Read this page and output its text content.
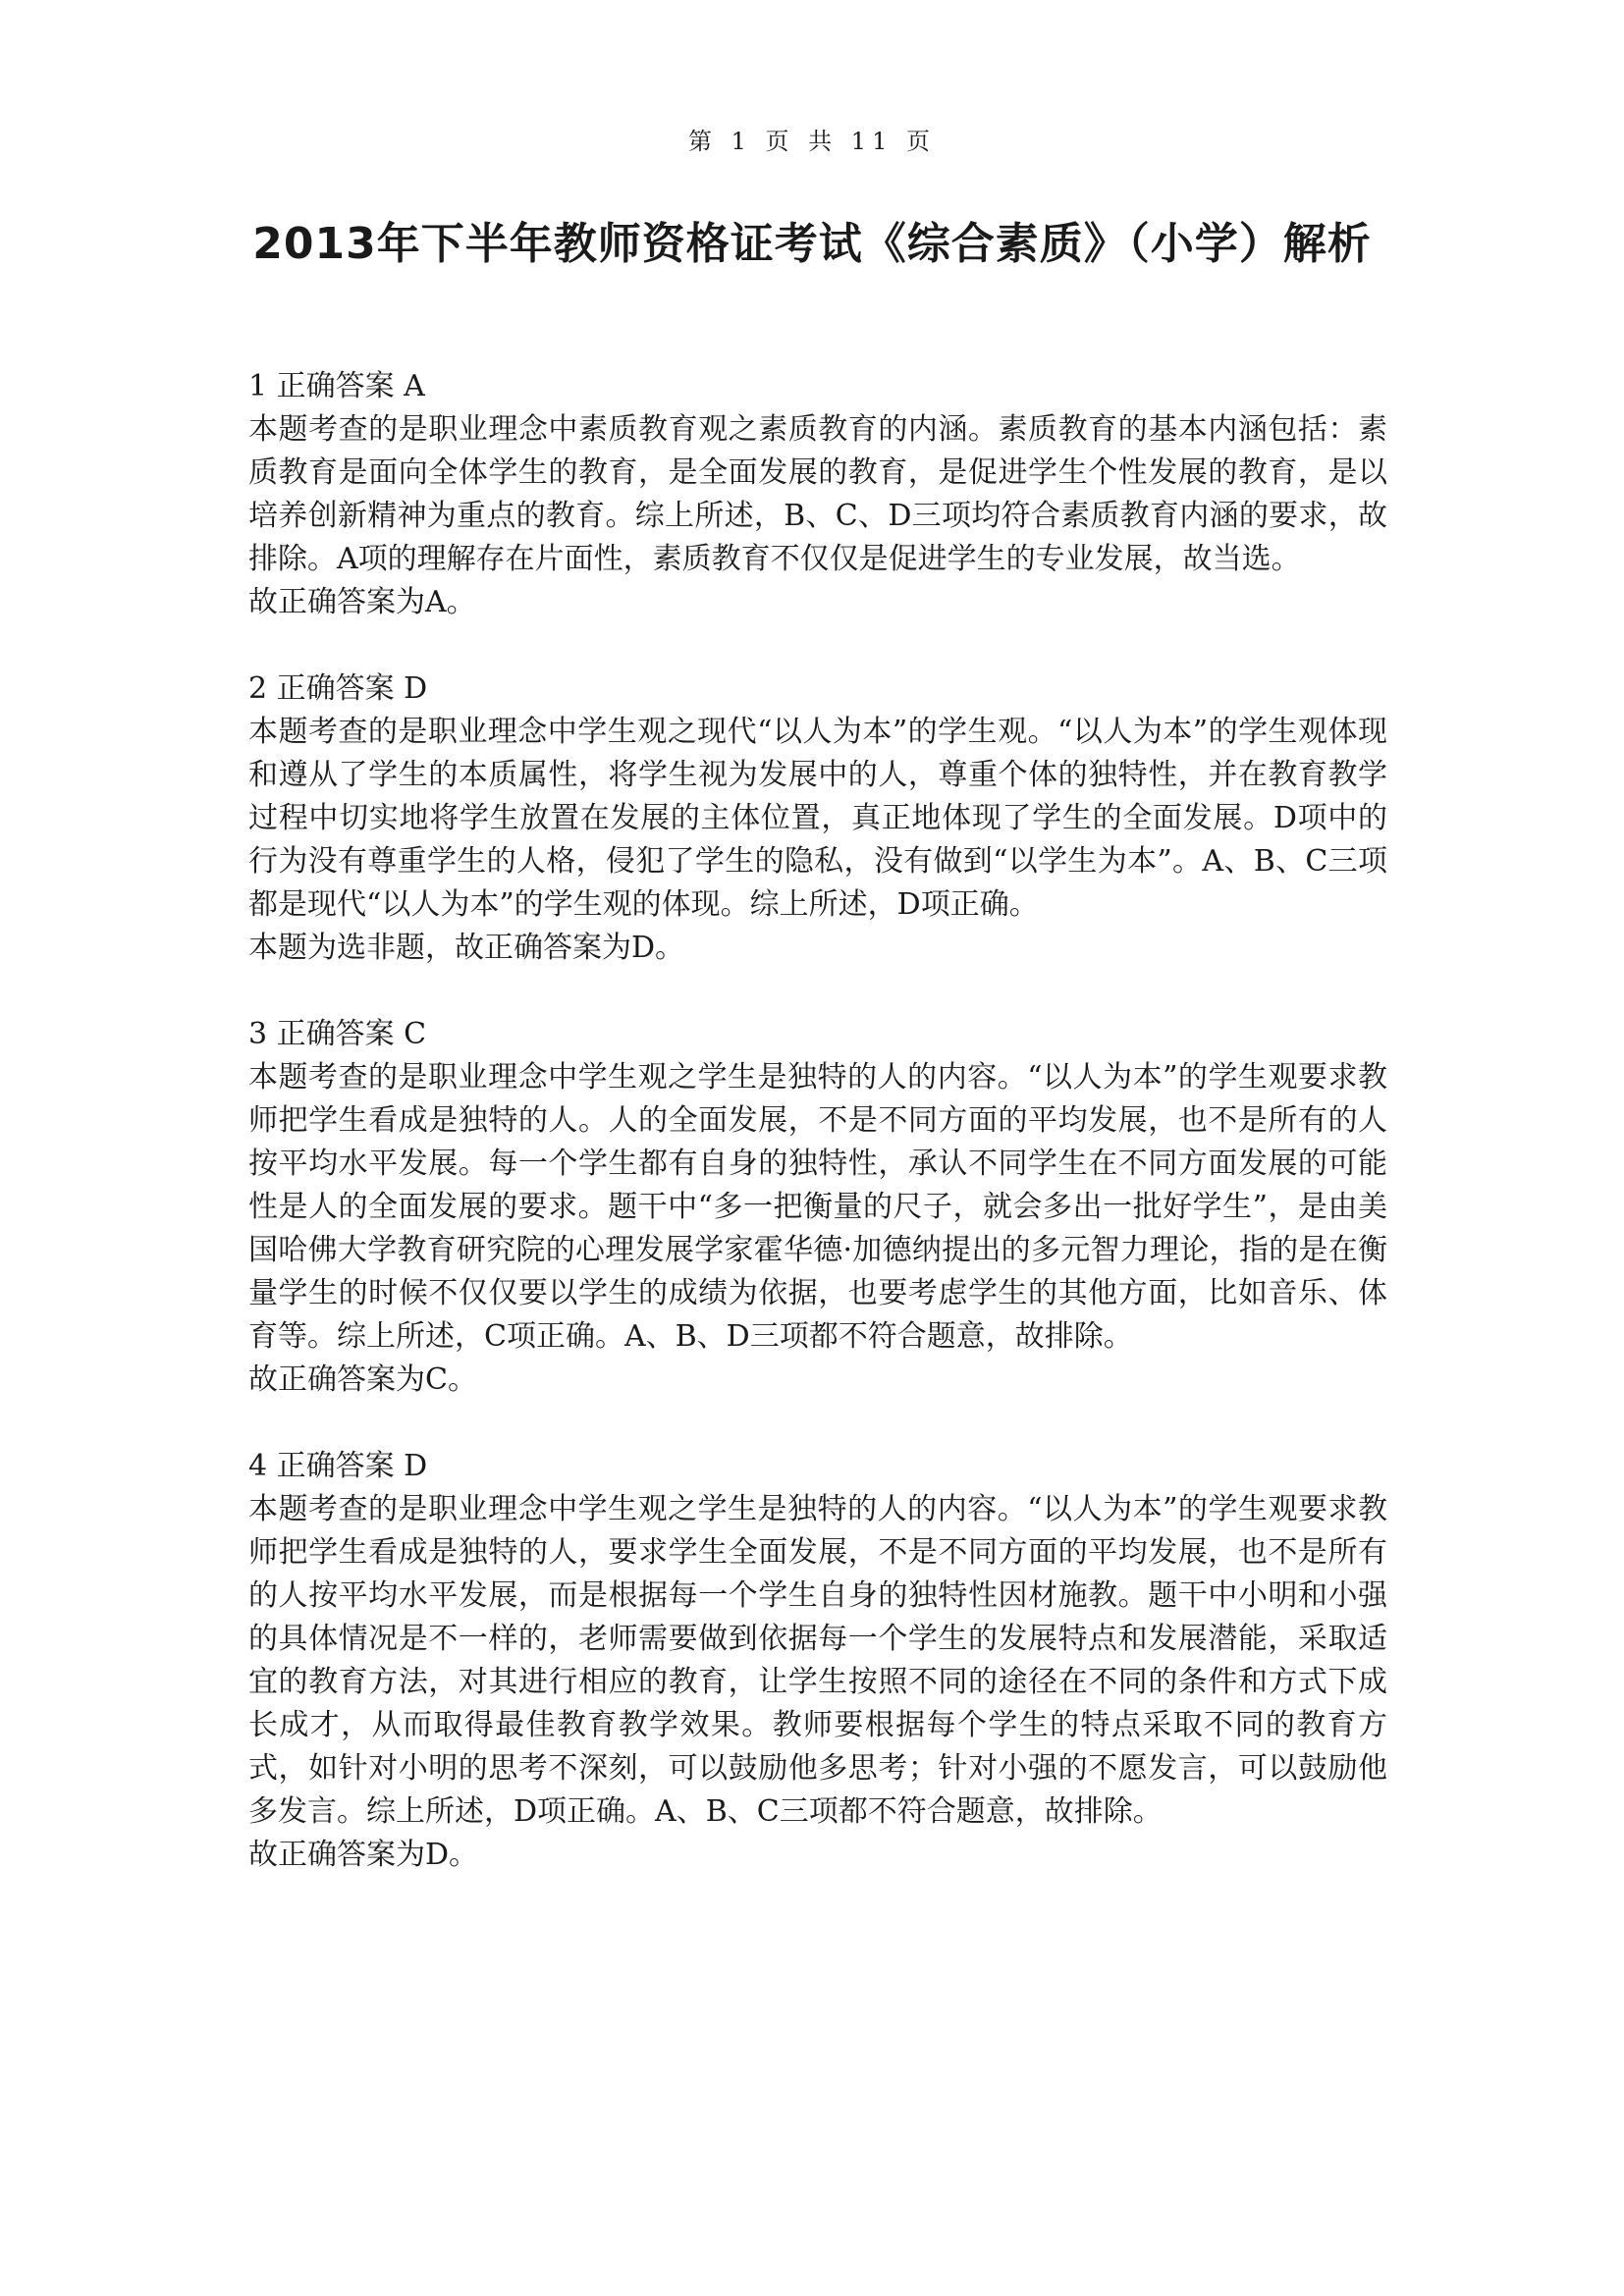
第 1 页 共 11 页
2013年下半年教师资格证考试《综合素质》（小学）解析
1 正确答案 A
本题考查的是职业理念中素质教育观之素质教育的内涵。素质教育的基本内涵包括：素质教育是面向全体学生的教育，是全面发展的教育，是促进学生个性发展的教育，是以培养创新精神为重点的教育。综上所述，B、C、D三项均符合素质教育内涵的要求，故排除。A项的理解存在片面性，素质教育不仅仅是促进学生的专业发展，故当选。
故正确答案为A。
2 正确答案 D
本题考查的是职业理念中学生观之现代“以人为本”的学生观。“以人为本”的学生观体现和遵从了学生的本质属性，将学生视为发展中的人，尊重个体的独特性，并在教育教学过程中切实地将学生放置在发展的主体位置，真正地体现了学生的全面发展。D项中的行为没有尊重学生的人格，侵犯了学生的隐私，没有做到“以学生为本”。A、B、C三项都是现代“以人为本”的学生观的体现。综上所述，D项正确。
本题为选非题，故正确答案为D。
3 正确答案 C
本题考查的是职业理念中学生观之学生是独特的人的内容。“以人为本”的学生观要求教师把学生看成是独特的人。人的全面发展，不是不同方面的平均发展，也不是所有的人按平均水平发展。每一个学生都有自身的独特性，承认不同学生在不同方面发展的可能性是人的全面发展的要求。题干中“多一把衡量的尺子，就会多出一批好学生”，是由美国哈佛大学教育研究院的心理发展学家霍华德·加德纳提出的多元智力理论，指的是在衡量学生的时候不仅仅要以学生的成绩为依据，也要考虑学生的其他方面，比如音乐、体育等。综上所述，C项正确。A、B、D三项都不符合题意，故排除。
故正确答案为C。
4 正确答案 D
本题考查的是职业理念中学生观之学生是独特的人的内容。“以人为本”的学生观要求教师把学生看成是独特的人，要求学生全面发展，不是不同方面的平均发展，也不是所有的人按平均水平发展，而是根据每一个学生自身的独特性因材施教。题干中小明和小强的具体情况是不一样的，老师需要做到依据每一个学生的发展特点和发展潜能，采取适宜的教育方法，对其进行相应的教育，让学生按照不同的途径在不同的条件和方式下成长成才，从而取得最佳教育教学效果。教师要根据每个学生的特点采取不同的教育方式，如针对小明的思考不深刻，可以鼓励他多思考；针对小强的不愿发言，可以鼓励他多发言。综上所述，D项正确。A、B、C三项都不符合题意，故排除。
故正确答案为D。
